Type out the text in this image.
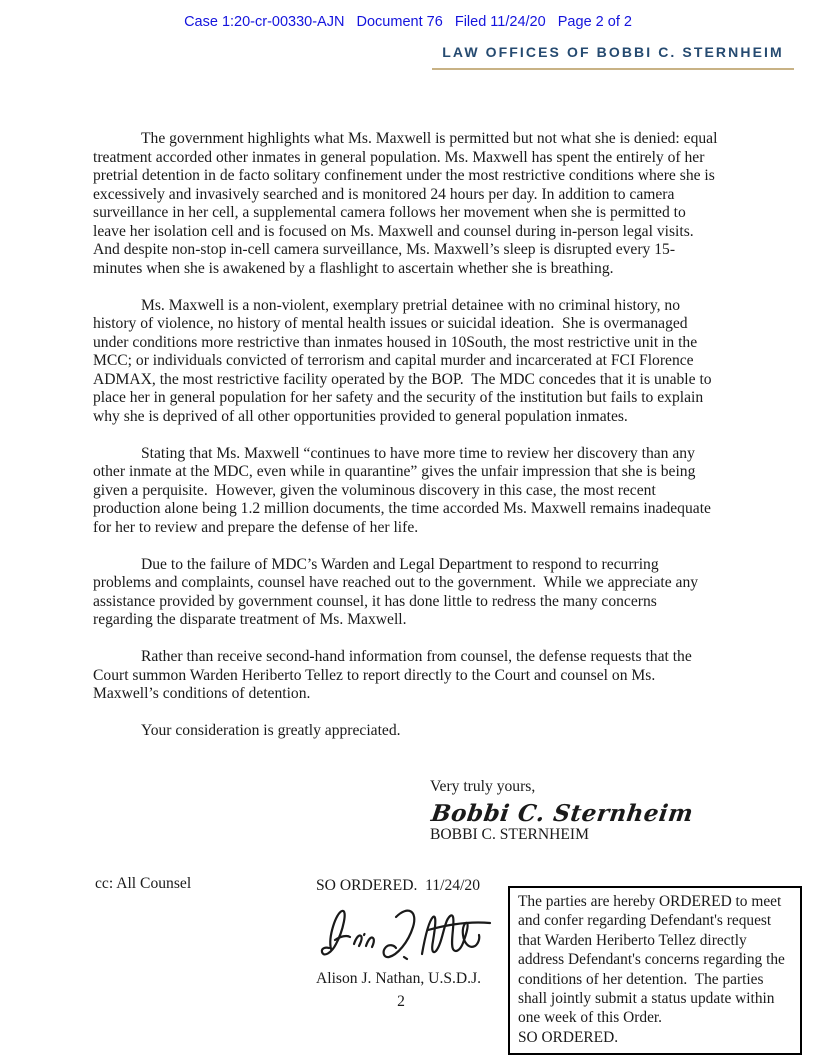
Case 1:20-cr-00330-AJN   Document 76   Filed 11/24/20   Page 2 of 2
LAW OFFICES OF BOBBI C. STERNHEIM

The government highlights what Ms. Maxwell is permitted but not what she is denied: equal treatment accorded other inmates in general population. Ms. Maxwell has spent the entirely of her pretrial detention in de facto solitary confinement under the most restrictive conditions where she is excessively and invasively searched and is monitored 24 hours per day. In addition to camera surveillance in her cell, a supplemental camera follows her movement when she is permitted to leave her isolation cell and is focused on Ms. Maxwell and counsel during in-person legal visits.  And despite non-stop in-cell camera surveillance, Ms. Maxwell’s sleep is disrupted every 15-minutes when she is awakened by a flashlight to ascertain whether she is breathing.

Ms. Maxwell is a non-violent, exemplary pretrial detainee with no criminal history, no history of violence, no history of mental health issues or suicidal ideation.  She is overmanaged under conditions more restrictive than inmates housed in 10South, the most restrictive unit in the MCC; or individuals convicted of terrorism and capital murder and incarcerated at FCI Florence ADMAX, the most restrictive facility operated by the BOP.  The MDC concedes that it is unable to place her in general population for her safety and the security of the institution but fails to explain why she is deprived of all other opportunities provided to general population inmates.

Stating that Ms. Maxwell “continues to have more time to review her discovery than any other inmate at the MDC, even while in quarantine” gives the unfair impression that she is being given a perquisite.  However, given the voluminous discovery in this case, the most recent production alone being 1.2 million documents, the time accorded Ms. Maxwell remains inadequate for her to review and prepare the defense of her life.

Due to the failure of MDC’s Warden and Legal Department to respond to recurring problems and complaints, counsel have reached out to the government.  While we appreciate any assistance provided by government counsel, it has done little to redress the many concerns regarding the disparate treatment of Ms. Maxwell.

Rather than receive second-hand information from counsel, the defense requests that the Court summon Warden Heriberto Tellez to report directly to the Court and counsel on Ms. Maxwell’s conditions of detention.

Your consideration is greatly appreciated.

Very truly yours,
Bobbi C. Sternheim
BOBBI C. STERNHEIM
cc: All Counsel	SO ORDERED.  11/24/20
Alison J. Nathan, U.S.D.J.
2
The parties are hereby ORDERED to meet and confer regarding Defendant's request that Warden Heriberto Tellez directly address Defendant's concerns regarding the conditions of her detention.  The parties shall jointly submit a status update within one week of this Order.
SO ORDERED.
